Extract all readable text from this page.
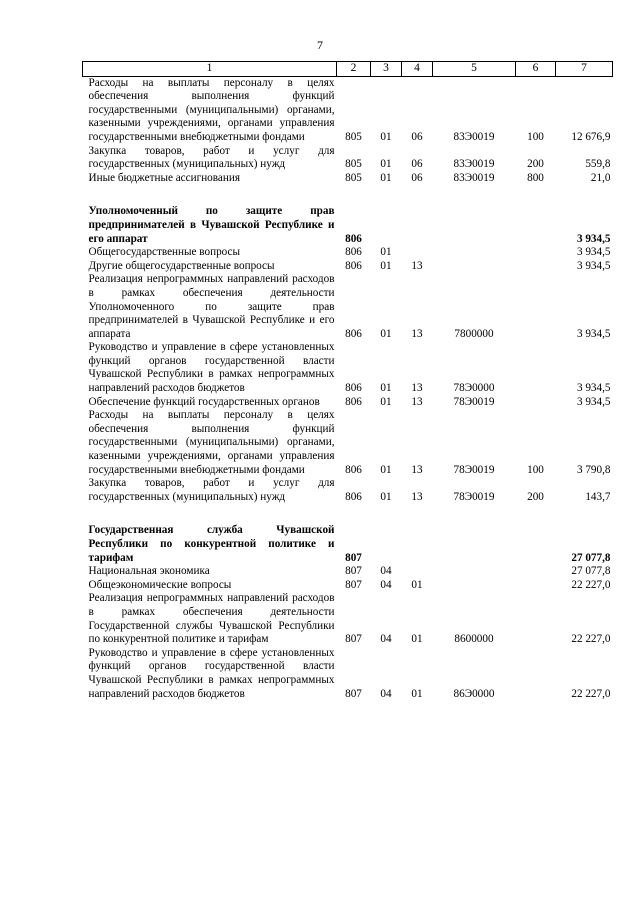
7
1	2	3	4	5	6	7
Расходы на выплаты персоналу в целях обеспечения выполнения функций государственными (муниципальными) органами, казенными учреждениями, органами управления государственными внебюджетными фондами	805	01	06	83Э0019	100	12 676,9
Закупка товаров, работ и услуг для государственных (муниципальных) нужд	805	01	06	83Э0019	200	559,8
Иные бюджетные ассигнования	805	01	06	83Э0019	800	21,0

Уполномоченный по защите прав предпринимателей в Чувашской Республике и его аппарат	806					3 934,5
Общегосударственные вопросы	806	01				3 934,5
Другие общегосударственные вопросы	806	01	13			3 934,5
Реализация непрограммных направлений расходов в рамках обеспечения деятельности Уполномоченного по защите прав предпринимателей в Чувашской Республике и его аппарата	806	01	13	7800000		3 934,5
Руководство и управление в сфере установленных функций органов государственной власти Чувашской Республики в рамках непрограммных направлений расходов бюджетов	806	01	13	78Э0000		3 934,5
Обеспечение функций государственных органов	806	01	13	78Э0019		3 934,5
Расходы на выплаты персоналу в целях обеспечения выполнения функций государственными (муниципальными) органами, казенными учреждениями, органами управления государственными внебюджетными фондами	806	01	13	78Э0019	100	3 790,8
Закупка товаров, работ и услуг для государственных (муниципальных) нужд	806	01	13	78Э0019	200	143,7

Государственная служба Чувашской Республики по конкурентной политике и тарифам	807					27 077,8
Национальная экономика	807	04				27 077,8
Общеэкономические вопросы	807	04	01			22 227,0
Реализация непрограммных направлений расходов в рамках обеспечения деятельности Государственной службы Чувашской Республики по конкурентной политике и тарифам	807	04	01	8600000		22 227,0
Руководство и управление в сфере установленных функций органов государственной власти Чувашской Республики в рамках непрограммных направлений расходов бюджетов	807	04	01	86Э0000		22 227,0
